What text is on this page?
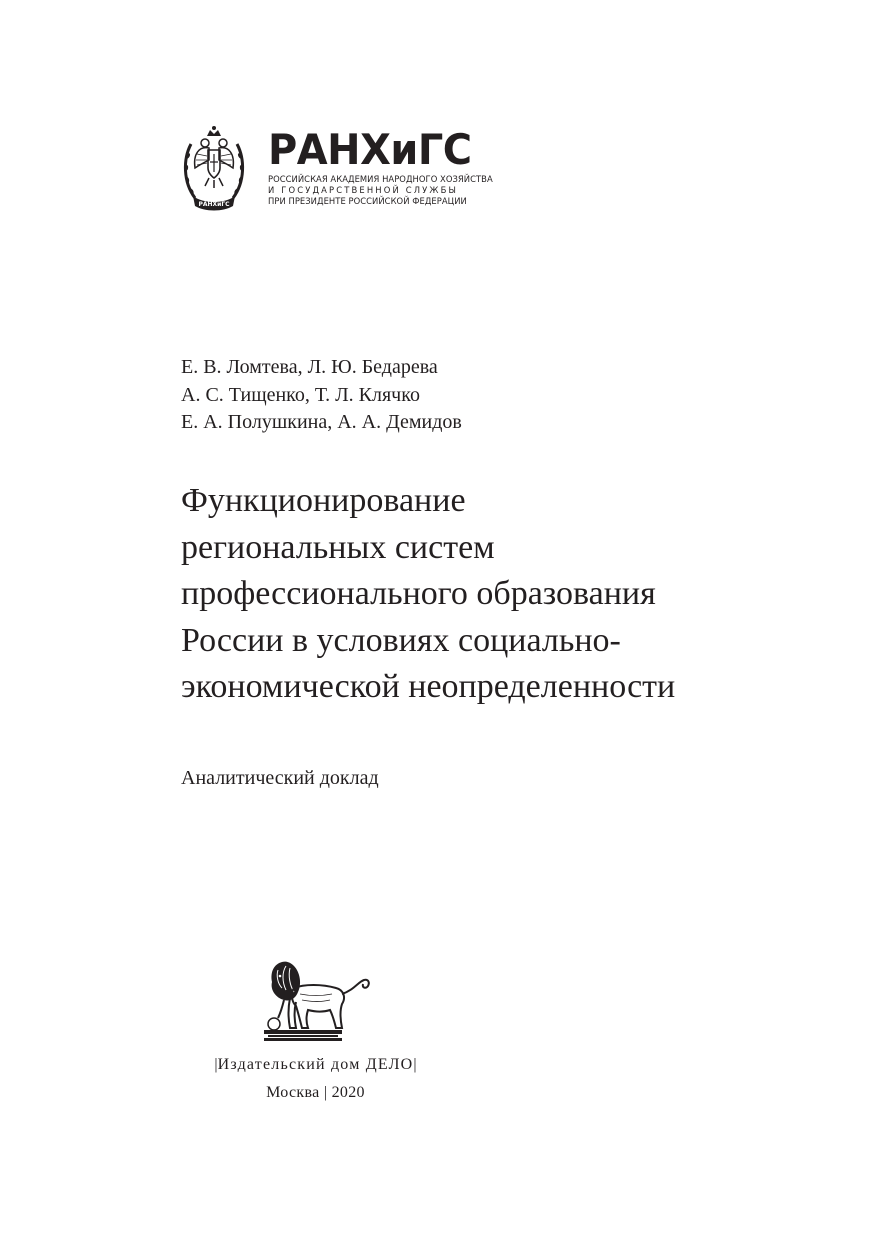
РАНХиГС
РАНХиГС
РОССИЙСКАЯ АКАДЕМИЯ НАРОДНОГО ХОЗЯЙСТВА
И ГОСУДАРСТВЕННОЙ СЛУЖБЫ
ПРИ ПРЕЗИДЕНТЕ РОССИЙСКОЙ ФЕДЕРАЦИИ
Е. В. Ломтева, Л. Ю. Бедарева
А. С. Тищенко, Т. Л. Клячко
Е. А. Полушкина, А. А. Демидов
Функционирование
региональных систем
профессионального образования
России в условиях социально-
экономической неопределенности
Аналитический доклад
|Издательский дом ДЕЛО|
Москва | 2020
